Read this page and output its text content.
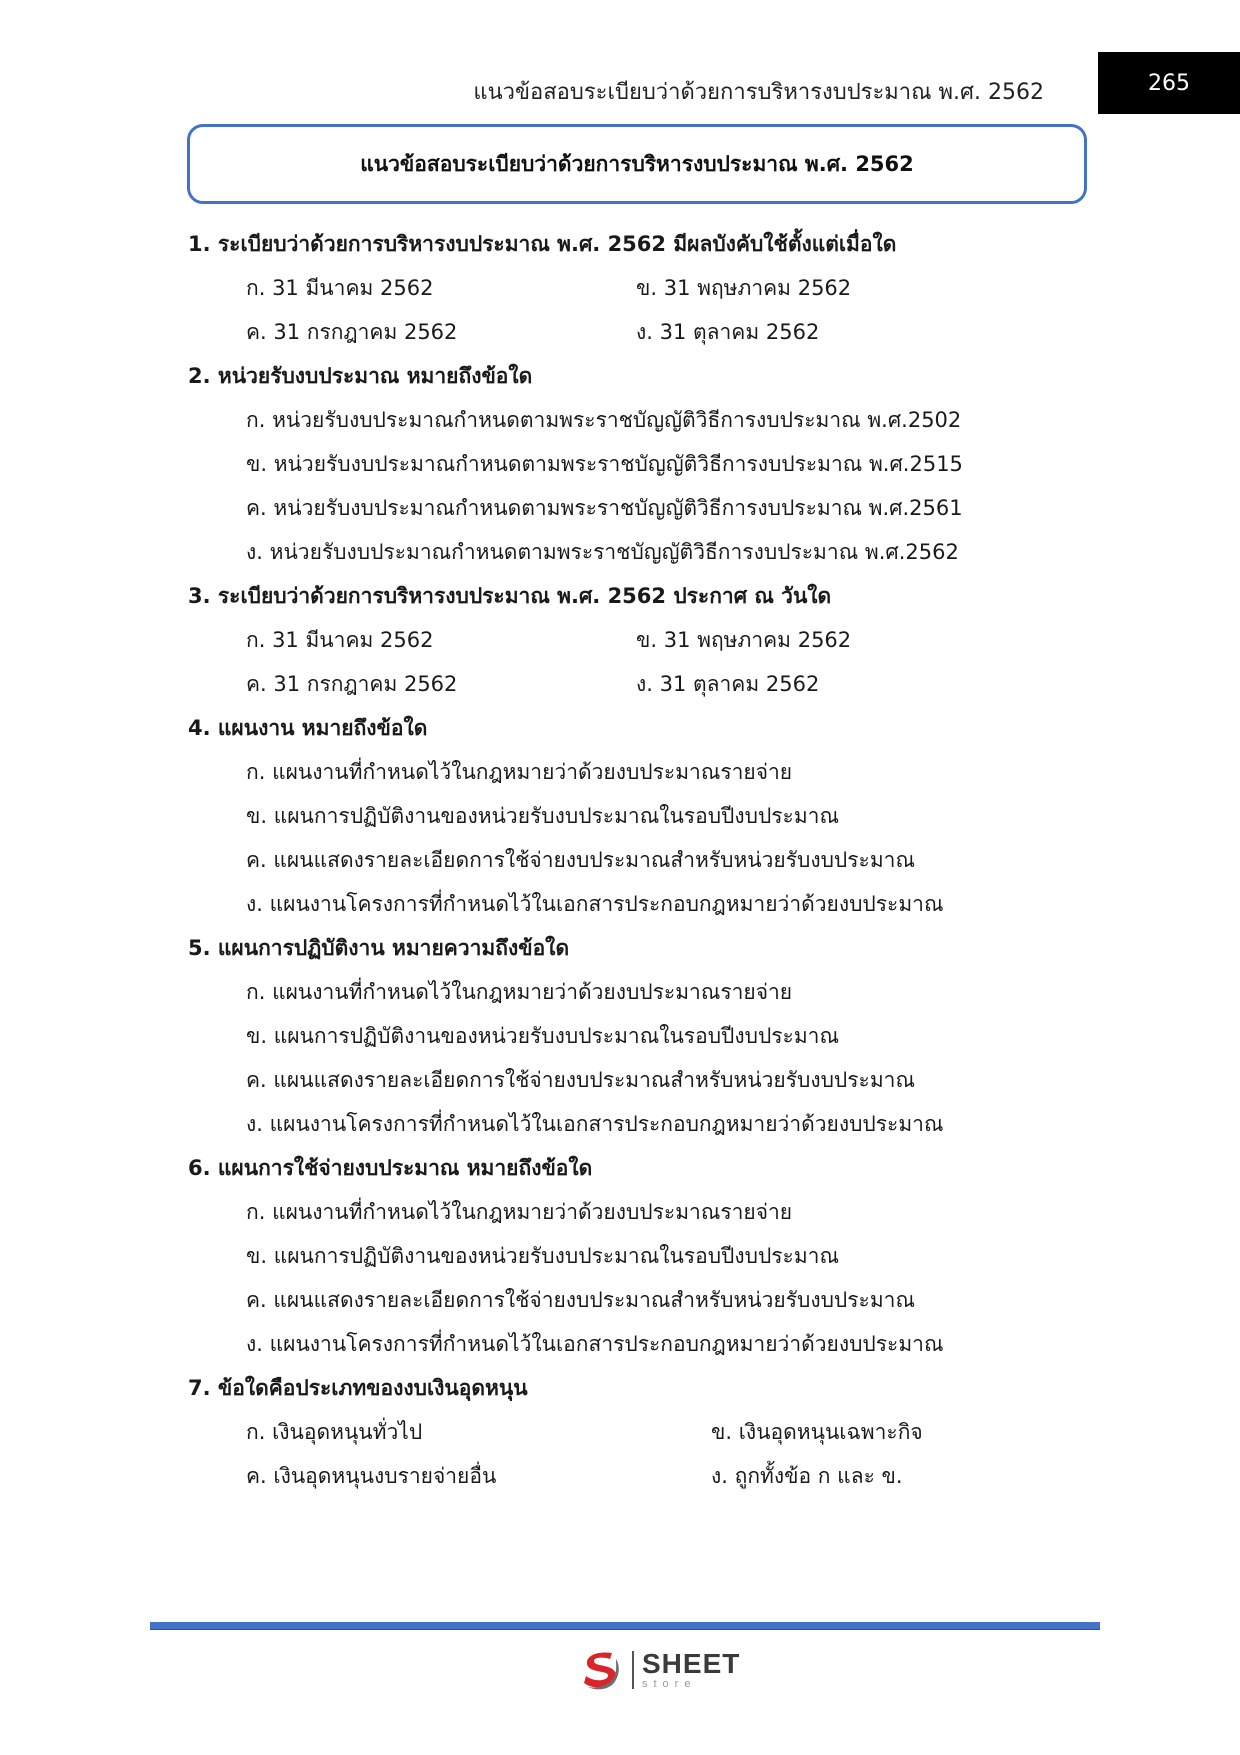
แนวข้อสอบระเบียบว่าด้วยการบริหารงบประมาณ พ.ศ. 2562	265
แนวข้อสอบระเบียบว่าด้วยการบริหารงบประมาณ พ.ศ. 2562
1. ระเบียบว่าด้วยการบริหารงบประมาณ พ.ศ. 2562 มีผลบังคับใช้ตั้งแต่เมื่อใด
ก. 31 มีนาคม 2562	ข. 31 พฤษภาคม 2562
ค. 31 กรกฎาคม 2562	ง. 31 ตุลาคม 2562
2. หน่วยรับงบประมาณ หมายถึงข้อใด
ก. หน่วยรับงบประมาณกำหนดตามพระราชบัญญัติวิธีการงบประมาณ พ.ศ.2502
ข. หน่วยรับงบประมาณกำหนดตามพระราชบัญญัติวิธีการงบประมาณ พ.ศ.2515
ค. หน่วยรับงบประมาณกำหนดตามพระราชบัญญัติวิธีการงบประมาณ พ.ศ.2561
ง. หน่วยรับงบประมาณกำหนดตามพระราชบัญญัติวิธีการงบประมาณ พ.ศ.2562
3. ระเบียบว่าด้วยการบริหารงบประมาณ พ.ศ. 2562 ประกาศ ณ วันใด
ก. 31 มีนาคม 2562	ข. 31 พฤษภาคม 2562
ค. 31 กรกฎาคม 2562	ง. 31 ตุลาคม 2562
4. แผนงาน หมายถึงข้อใด
ก. แผนงานที่กำหนดไว้ในกฎหมายว่าด้วยงบประมาณรายจ่าย
ข. แผนการปฏิบัติงานของหน่วยรับงบประมาณในรอบปีงบประมาณ
ค. แผนแสดงรายละเอียดการใช้จ่ายงบประมาณสำหรับหน่วยรับงบประมาณ
ง. แผนงานโครงการที่กำหนดไว้ในเอกสารประกอบกฎหมายว่าด้วยงบประมาณ
5. แผนการปฏิบัติงาน หมายความถึงข้อใด
ก. แผนงานที่กำหนดไว้ในกฎหมายว่าด้วยงบประมาณรายจ่าย
ข. แผนการปฏิบัติงานของหน่วยรับงบประมาณในรอบปีงบประมาณ
ค. แผนแสดงรายละเอียดการใช้จ่ายงบประมาณสำหรับหน่วยรับงบประมาณ
ง. แผนงานโครงการที่กำหนดไว้ในเอกสารประกอบกฎหมายว่าด้วยงบประมาณ
6. แผนการใช้จ่ายงบประมาณ หมายถึงข้อใด
ก. แผนงานที่กำหนดไว้ในกฎหมายว่าด้วยงบประมาณรายจ่าย
ข. แผนการปฏิบัติงานของหน่วยรับงบประมาณในรอบปีงบประมาณ
ค. แผนแสดงรายละเอียดการใช้จ่ายงบประมาณสำหรับหน่วยรับงบประมาณ
ง. แผนงานโครงการที่กำหนดไว้ในเอกสารประกอบกฎหมายว่าด้วยงบประมาณ
7. ข้อใดคือประเภทของงบเงินอุดหนุน
ก. เงินอุดหนุนทั่วไป	ข. เงินอุดหนุนเฉพาะกิจ
ค. เงินอุดหนุนงบรายจ่ายอื่น	ง. ถูกทั้งข้อ ก และ ข.
SHEET
store
